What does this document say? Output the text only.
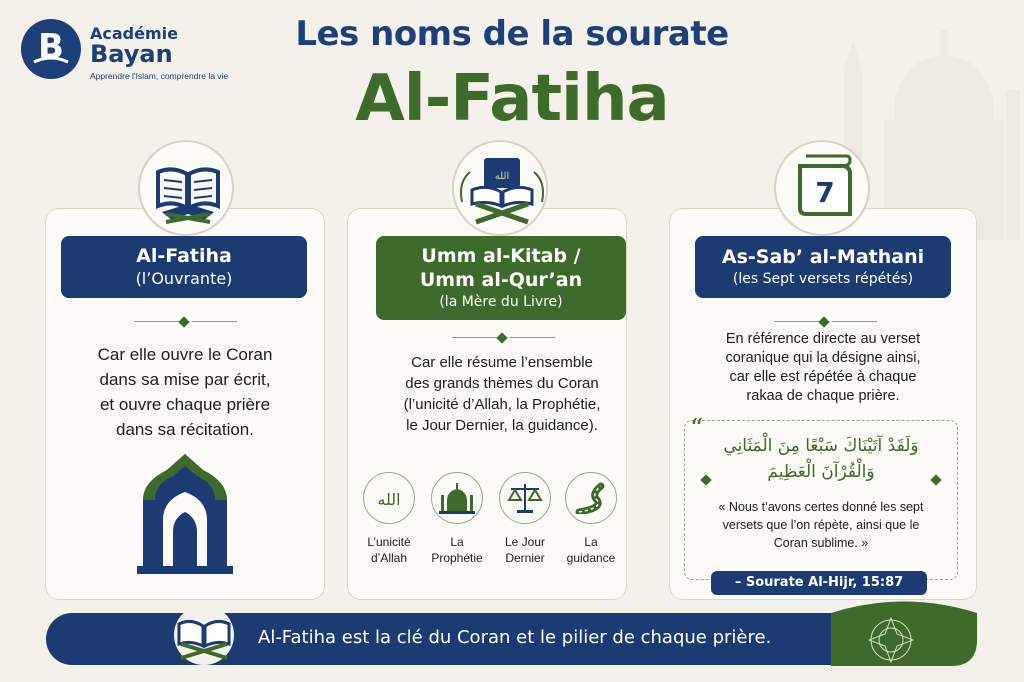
B Académie
Bayan
Apprendre l'Islam, comprendre la vie
Les noms de la sourate
Al-Fatiha
الله	7
Al-Fatiha
(l’Ouvrante)
Umm al-Kitab /
Umm al-Qur’an
(la Mère du Livre)
As-Sab’ al-Mathani
(les Sept versets répétés)
Car elle ouvre le Coran
dans sa mise par écrit,
et ouvre chaque prière
dans sa récitation.
Car elle résume l’ensemble
des grands thèmes du Coran
(l’unicité d’Allah, la Prophétie,
le Jour Dernier, la guidance).
En référence directe au verset
coranique qui la désigne ainsi,
car elle est répétée à chaque
rakaa de chaque prière.
الله
L’unicité
d’Allah
La
Prophétie
Le Jour
Dernier
La
guidance
“
وَلَقَدْ آتَيْنَاكَ سَبْعًا مِنَ الْمَثَانِي
وَالْقُرْآنَ الْعَظِيمَ
« Nous t’avons certes donné les sept
versets que l’on répète, ainsi que le
Coran sublime. »
– Sourate Al-Hijr, 15:87
Al-Fatiha est la clé du Coran et le pilier de chaque prière.
